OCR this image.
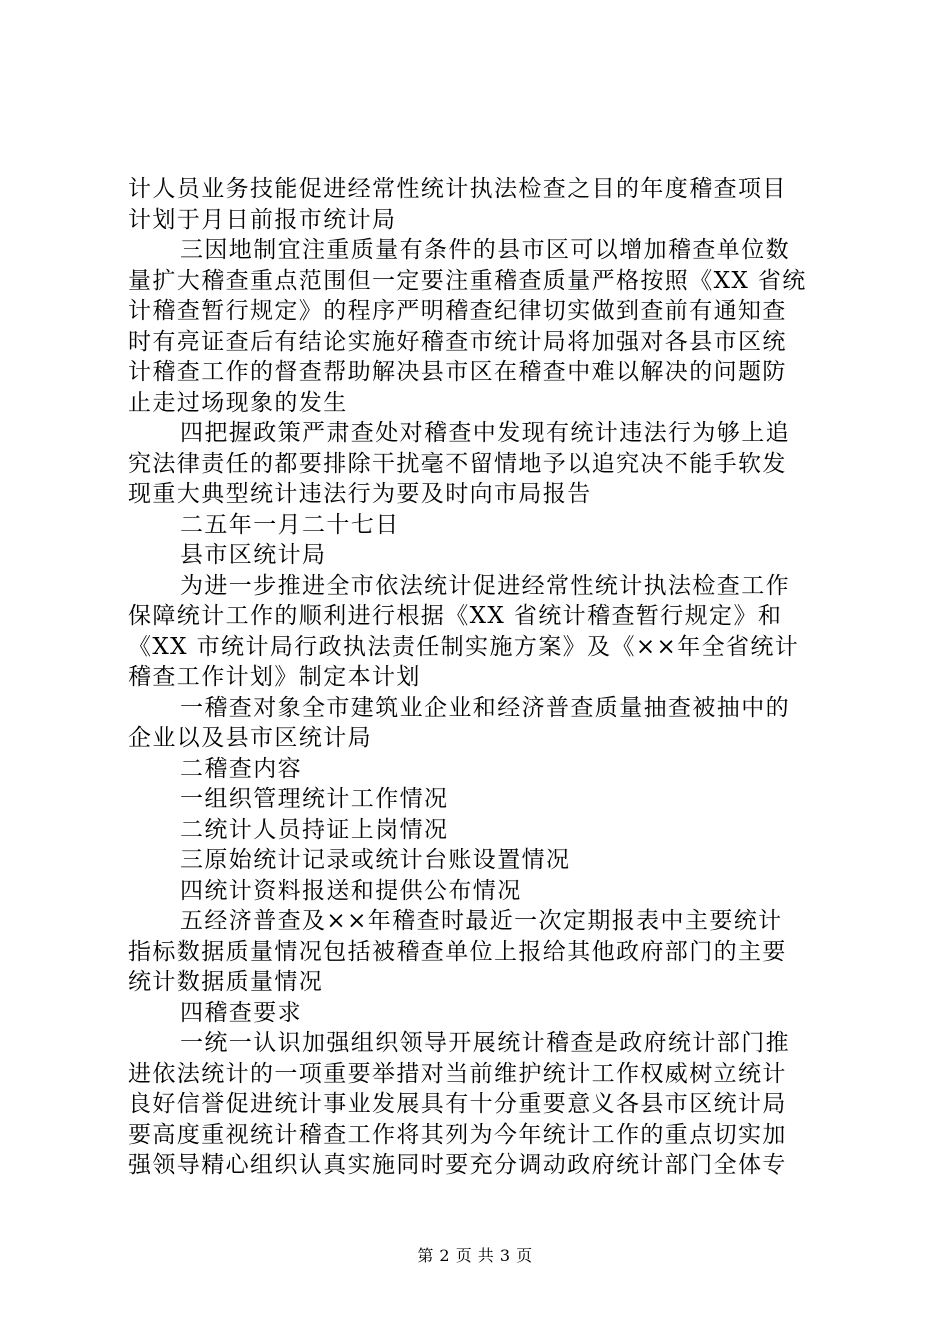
计人员业务技能促进经常性统计执法检查之目的年度稽查项目
计划于月日前报市统计局
三因地制宜注重质量有条件的县市区可以增加稽查单位数
量扩大稽查重点范围但一定要注重稽查质量严格按照《XX 省统
计稽查暂行规定》的程序严明稽查纪律切实做到查前有通知查
时有亮证查后有结论实施好稽查市统计局将加强对各县市区统
计稽查工作的督查帮助解决县市区在稽查中难以解决的问题防
止走过场现象的发生
四把握政策严肃查处对稽查中发现有统计违法行为够上追
究法律责任的都要排除干扰毫不留情地予以追究决不能手软发
现重大典型统计违法行为要及时向市局报告
二五年一月二十七日
县市区统计局
为进一步推进全市依法统计促进经常性统计执法检查工作
保障统计工作的顺利进行根据《XX 省统计稽查暂行规定》和
《XX 市统计局行政执法责任制实施方案》及《××年全省统计
稽查工作计划》制定本计划
一稽查对象全市建筑业企业和经济普查质量抽查被抽中的
企业以及县市区统计局
二稽查内容
一组织管理统计工作情况
二统计人员持证上岗情况
三原始统计记录或统计台账设置情况
四统计资料报送和提供公布情况
五经济普查及××年稽查时最近一次定期报表中主要统计
指标数据质量情况包括被稽查单位上报给其他政府部门的主要
统计数据质量情况
四稽查要求
一统一认识加强组织领导开展统计稽查是政府统计部门推
进依法统计的一项重要举措对当前维护统计工作权威树立统计
良好信誉促进统计事业发展具有十分重要意义各县市区统计局
要高度重视统计稽查工作将其列为今年统计工作的重点切实加
强领导精心组织认真实施同时要充分调动政府统计部门全体专
第 2 页 共 3 页
